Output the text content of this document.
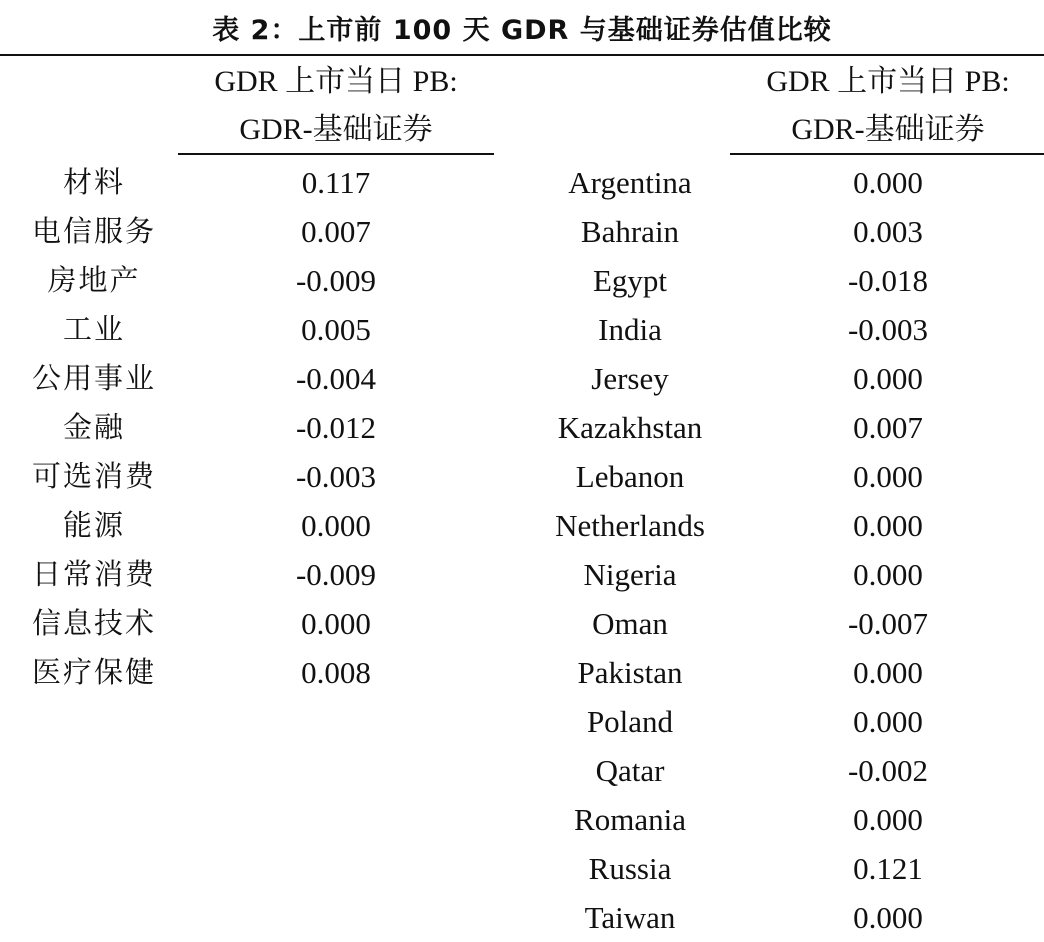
表 2：上市前 100 天 GDR 与基础证券估值比较
GDR 上市当日 PB:
GDR-基础证券
GDR 上市当日 PB:
GDR-基础证券
材料
电信服务
房地产
工业
公用事业
金融
可选消费
能源
日常消费
信息技术
医疗保健
0.117
0.007
-0.009
0.005
-0.004
-0.012
-0.003
0.000
-0.009
0.000
0.008
Argentina
Bahrain
Egypt
India
Jersey
Kazakhstan
Lebanon
Netherlands
Nigeria
Oman
Pakistan
Poland
Qatar
Romania
Russia
Taiwan
0.000
0.003
-0.018
-0.003
0.000
0.007
0.000
0.000
0.000
-0.007
0.000
0.000
-0.002
0.000
0.121
0.000
